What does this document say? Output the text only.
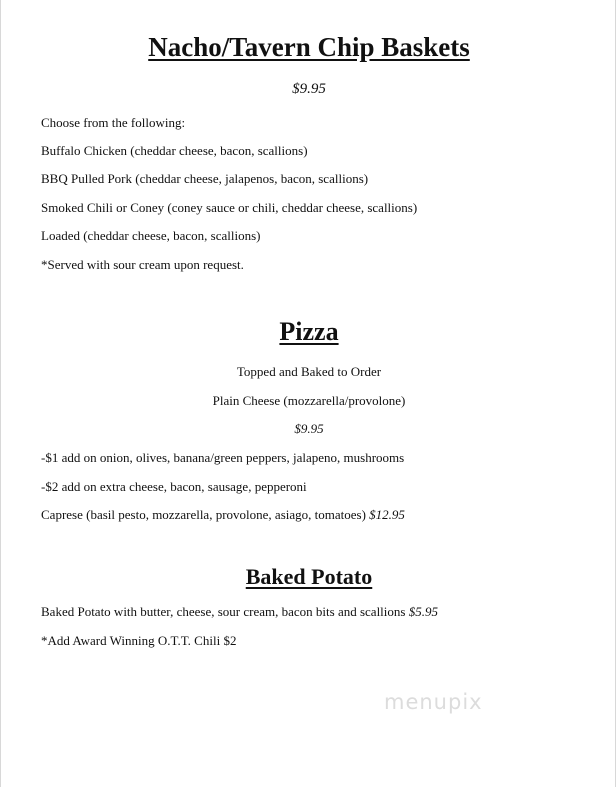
Nacho/Tavern Chip Baskets
$9.95
Choose from the following:
Buffalo Chicken (cheddar cheese, bacon, scallions)
BBQ Pulled Pork (cheddar cheese, jalapenos, bacon, scallions)
Smoked Chili or Coney (coney sauce or chili, cheddar cheese, scallions)
Loaded (cheddar cheese, bacon, scallions)
*Served with sour cream upon request.
Pizza
Topped and Baked to Order
Plain Cheese (mozzarella/provolone)
$9.95
-$1 add on onion, olives, banana/green peppers, jalapeno, mushrooms
-$2 add on extra cheese, bacon, sausage, pepperoni
Caprese (basil pesto, mozzarella, provolone, asiago, tomatoes) $12.95
Baked Potato
Baked Potato with butter, cheese, sour cream, bacon bits and scallions $5.95
*Add Award Winning O.T.T. Chili $2
menupix
